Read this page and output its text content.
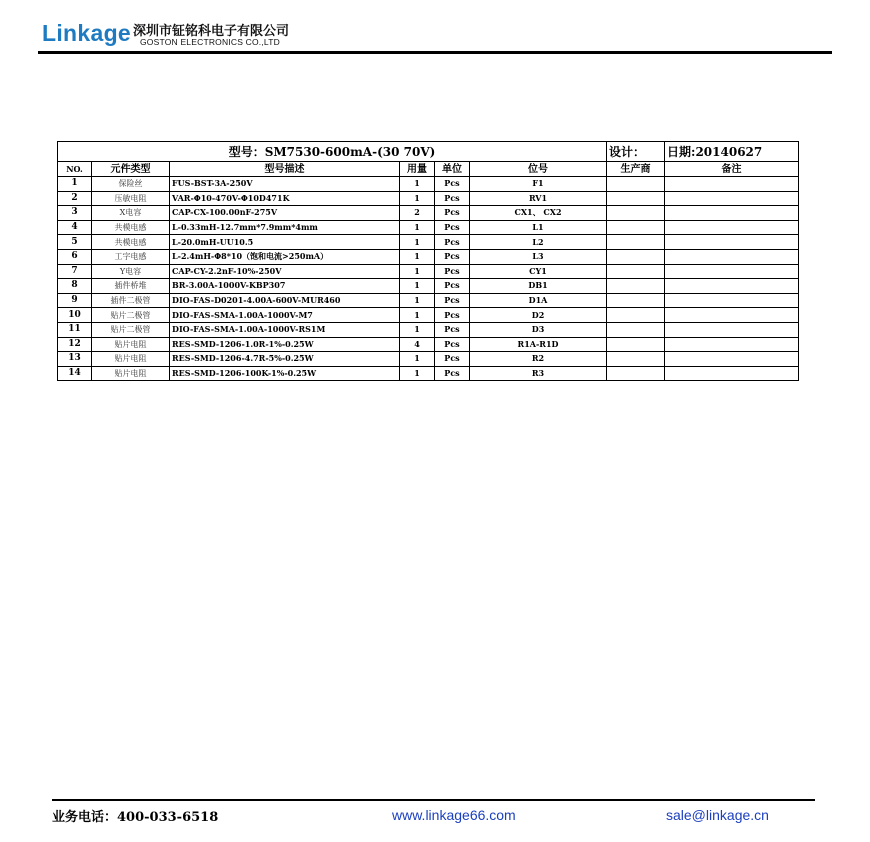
Linkage 深圳市钲铭科电子有限公司
GOSTON ELECTRONICS CO.,LTD
型号：SM7530-600mA-(30 70V)						设计：	日期:20140627
NO.	元件类型	型号描述	用量	单位	位号	生产商	备注
1	保险丝	FUS-BST-3A-250V	1	Pcs	F1		
2	压敏电阻	VAR-Φ10-470V-Φ10D471K	1	Pcs	RV1		
3	X电容	CAP-CX-100.00nF-275V	2	Pcs	CX1、 CX2		
4	共模电感	L-0.33mH-12.7mm*7.9mm*4mm	1	Pcs	L1		
5	共模电感	L-20.0mH-UU10.5	1	Pcs	L2		
6	工字电感	L-2.4mH-Φ8*10（饱和电流>250mA）	1	Pcs	L3		
7	Y电容	CAP-CY-2.2nF-10%-250V	1	Pcs	CY1		
8	插件桥堆	BR-3.00A-1000V-KBP307	1	Pcs	DB1		
9	插件二极管	DIO-FAS-D0201-4.00A-600V-MUR460	1	Pcs	D1A		
10	贴片二极管	DIO-FAS-SMA-1.00A-1000V-M7	1	Pcs	D2		
11	贴片二极管	DIO-FAS-SMA-1.00A-1000V-RS1M	1	Pcs	D3		
12	贴片电阻	RES-SMD-1206-1.0R-1%-0.25W	4	Pcs	R1A-R1D		
13	贴片电阻	RES-SMD-1206-4.7R-5%-0.25W	1	Pcs	R2		
14	贴片电阻	RES-SMD-1206-100K-1%-0.25W	1	Pcs	R3		
业务电话：400-033-6518	www.linkage66.com	sale@linkage.cn
